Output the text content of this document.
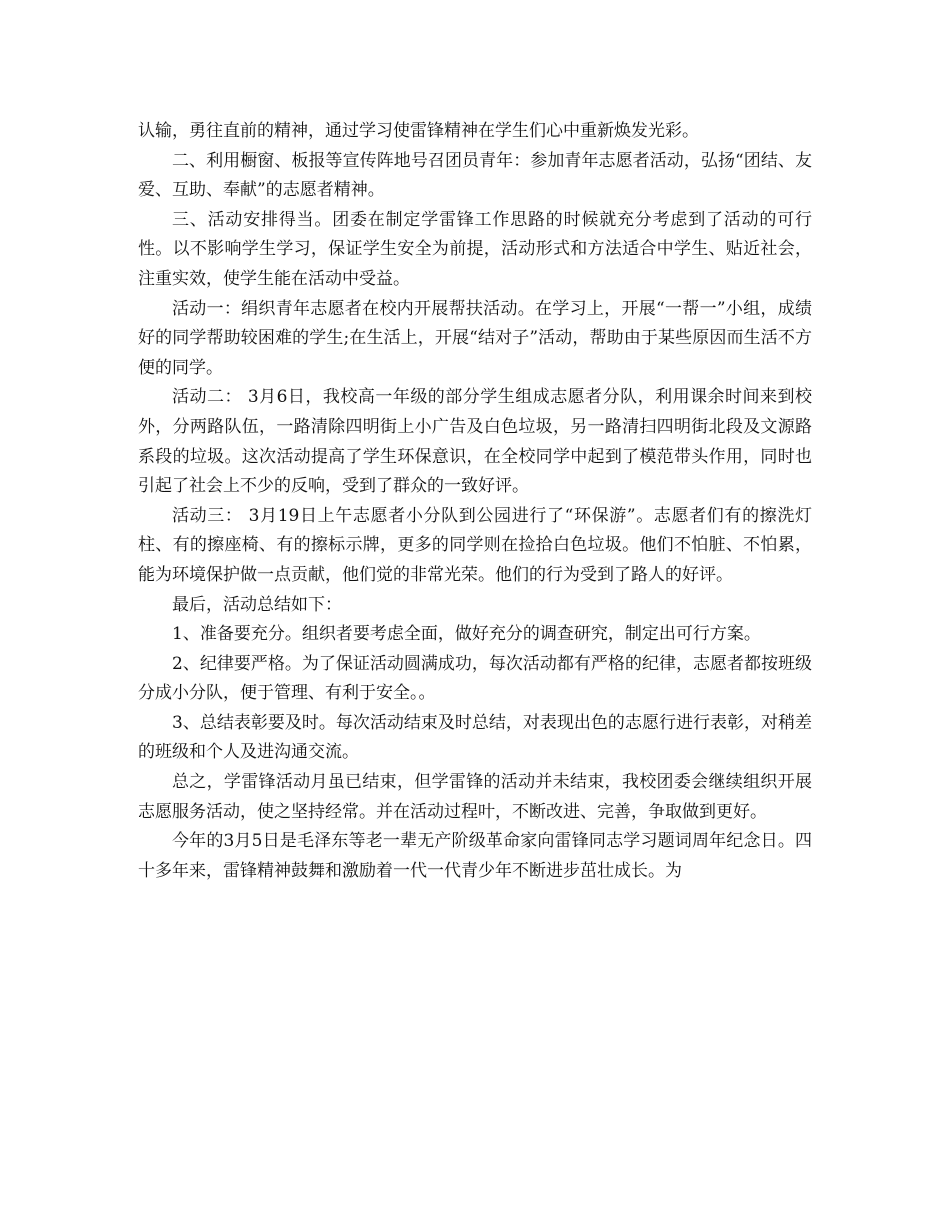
认输，勇往直前的精神，通过学习使雷锋精神在学生们心中重新焕发光彩。

二、利用橱窗、板报等宣传阵地号召团员青年：参加青年志愿者活动，弘扬“团结、友爱、互助、奉献”的志愿者精神。

三、活动安排得当。团委在制定学雷锋工作思路的时候就充分考虑到了活动的可行性。以不影响学生学习，保证学生安全为前提，活动形式和方法适合中学生、贴近社会，注重实效，使学生能在活动中受益。

活动一：绢织青年志愿者在校内开展帮扶活动。在学习上，开展“一帮一”小组，成绩好的同学帮助较困难的学生;在生活上，开展“结对子”活动，帮助由于某些原因而生活不方便的同学。

活动二： 3月6日，我校高一年级的部分学生组成志愿者分队，利用课余时间来到校外，分两路队伍，一路清除四明街上小广告及白色垃圾，另一路清扫四明街北段及文源路系段的垃圾。这次活动提高了学生环保意识，在全校同学中起到了模范带头作用，同时也引起了社会上不少的反响，受到了群众的一致好评。

活动三： 3月19日上午志愿者小分队到公园进行了“环保游”。志愿者们有的擦洗灯柱、有的擦座椅、有的擦标示牌，更多的同学则在捡拾白色垃圾。他们不怕脏、不怕累，能为环境保护做一点贡献，他们觉的非常光荣。他们的行为受到了路人的好评。

最后，活动总结如下：

1、准备要充分。组织者要考虑全面，做好充分的调查研究，制定出可行方案。

2、纪律要严格。为了保证活动圆满成功，每次活动都有严格的纪律，志愿者都按班级分成小分队，便于管理、有利于安全。。

3、总结表彰要及时。每次活动结束及时总结，对表现出色的志愿行进行表彰，对稍差的班级和个人及进沟通交流。

总之，学雷锋活动月虽已结束，但学雷锋的活动并未结束，我校团委会继续组织开展志愿服务活动，使之坚持经常。并在活动过程叶，不断改进、完善，争取做到更好。

今年的3月5日是毛泽东等老一辈无产阶级革命家向雷锋同志学习题词周年纪念日。四十多年来，雷锋精神鼓舞和激励着一代一代青少年不断进步茁壮成长。为
